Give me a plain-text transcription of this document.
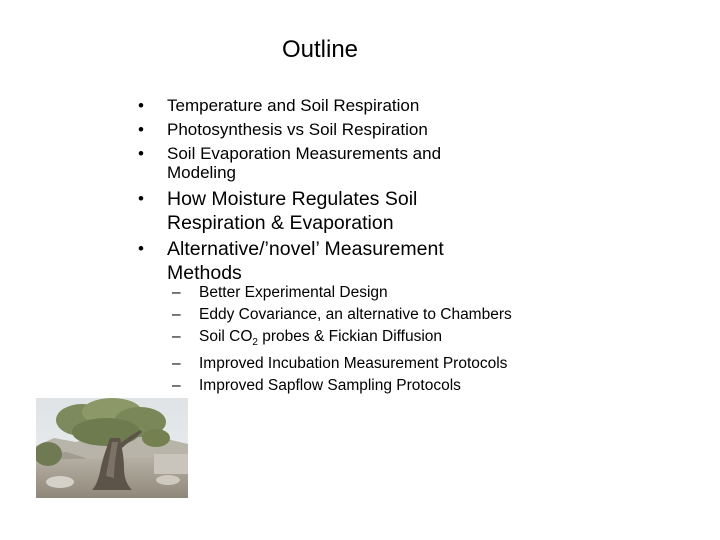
Outline
• Temperature and Soil Respiration
• Photosynthesis vs Soil Respiration
• Soil Evaporation Measurements and Modeling
• How Moisture Regulates Soil Respiration & Evaporation
• Alternative/’novel’ Measurement Methods
– Better Experimental Design
– Eddy Covariance, an alternative to Chambers
– Soil $CO_2$ probes & Fickian Diffusion
– Improved Incubation Measurement Protocols
– Improved Sapflow Sampling Protocols
